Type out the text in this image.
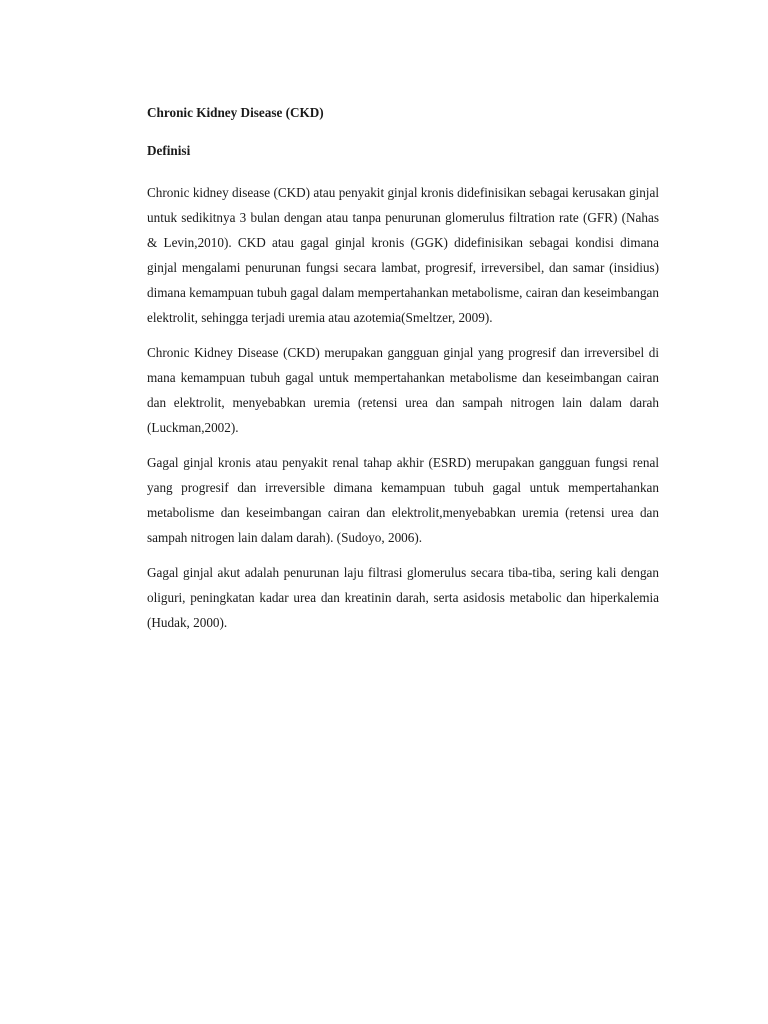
Chronic Kidney Disease (CKD)

Definisi

Chronic kidney disease (CKD) atau penyakit ginjal kronis didefinisikan sebagai kerusakan ginjal untuk sedikitnya 3 bulan dengan atau tanpa penurunan glomerulus filtration rate (GFR) (Nahas & Levin,2010). CKD atau gagal ginjal kronis (GGK) didefinisikan sebagai kondisi dimana ginjal mengalami penurunan fungsi secara lambat, progresif, irreversibel, dan samar (insidius) dimana kemampuan tubuh gagal dalam mempertahankan metabolisme, cairan dan keseimbangan elektrolit, sehingga terjadi uremia atau azotemia(Smeltzer, 2009).

Chronic Kidney Disease (CKD) merupakan gangguan ginjal yang progresif dan irreversibel di mana kemampuan tubuh gagal untuk mempertahankan metabolisme dan keseimbangan cairan dan elektrolit, menyebabkan uremia (retensi urea dan sampah nitrogen lain dalam darah (Luckman,2002).

Gagal ginjal kronis atau penyakit renal tahap akhir (ESRD) merupakan gangguan fungsi renal yang progresif dan irreversible dimana kemampuan tubuh gagal untuk mempertahankan metabolisme dan keseimbangan cairan dan elektrolit,menyebabkan uremia (retensi urea dan sampah nitrogen lain dalam darah). (Sudoyo, 2006).

Gagal ginjal akut adalah penurunan laju filtrasi glomerulus secara tiba-tiba, sering kali dengan oliguri, peningkatan kadar urea dan kreatinin darah, serta asidosis metabolic dan hiperkalemia (Hudak, 2000).
